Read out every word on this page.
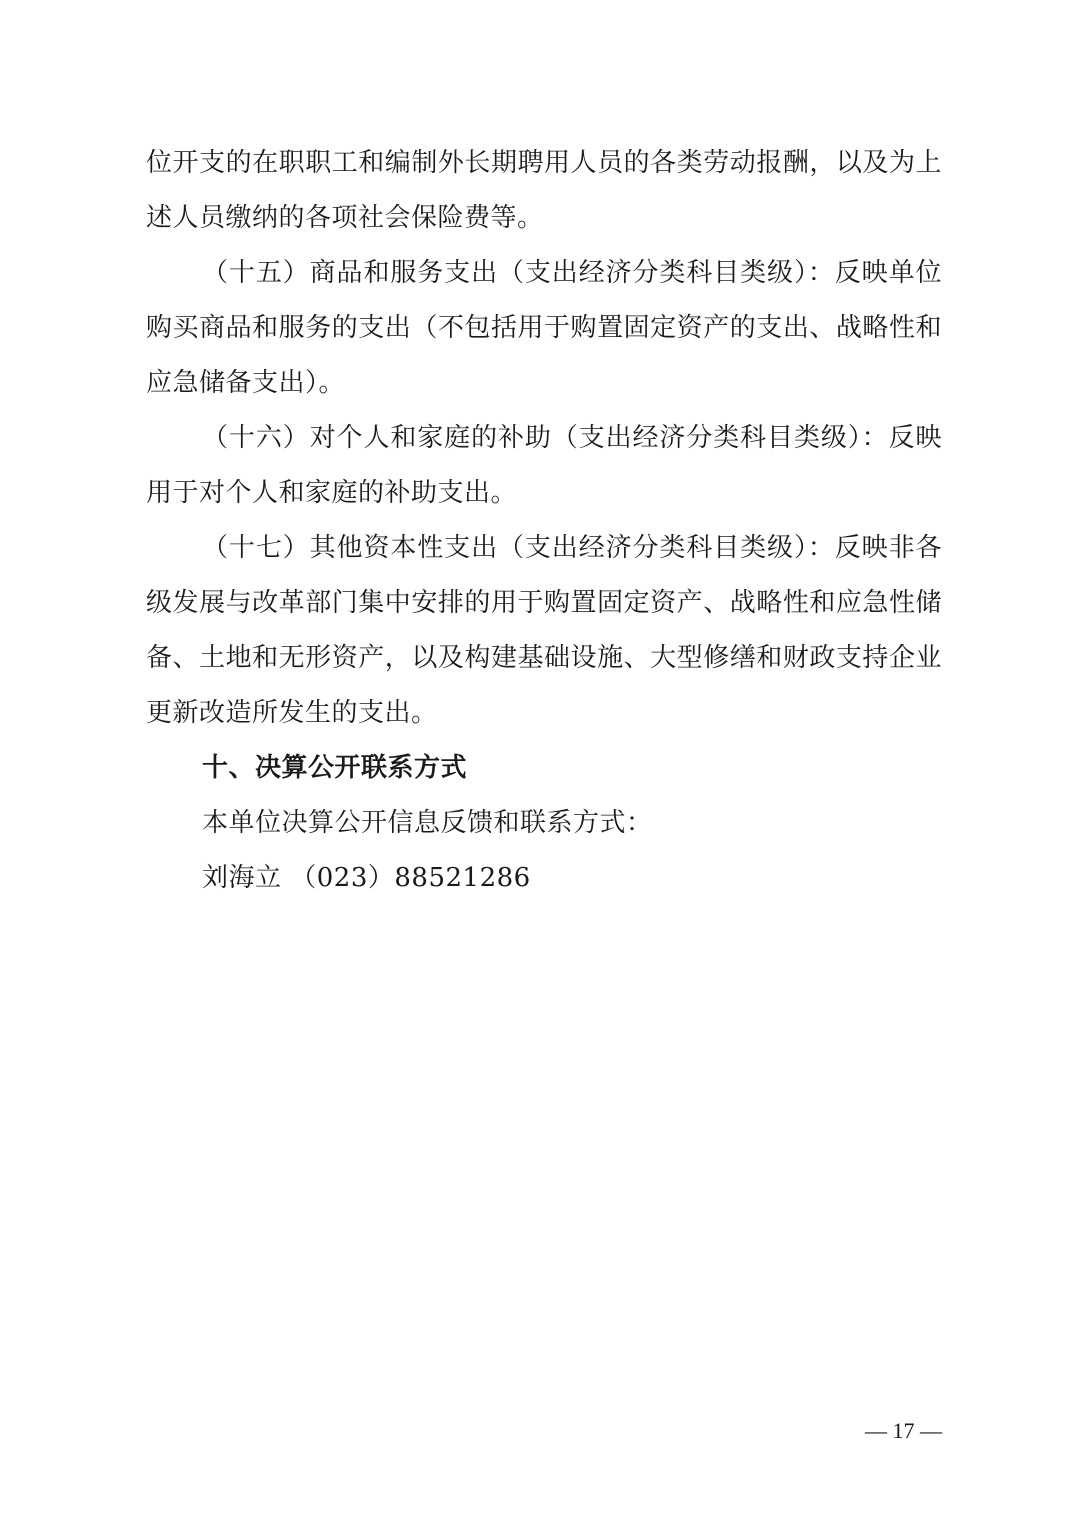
位开支的在职职工和编制外长期聘用人员的各类劳动报酬，以及为上述人员缴纳的各项社会保险费等。

（十五）商品和服务支出（支出经济分类科目类级）：反映单位购买商品和服务的支出（不包括用于购置固定资产的支出、战略性和应急储备支出）。

（十六）对个人和家庭的补助（支出经济分类科目类级）：反映用于对个人和家庭的补助支出。

（十七）其他资本性支出（支出经济分类科目类级）：反映非各级发展与改革部门集中安排的用于购置固定资产、战略性和应急性储备、土地和无形资产，以及构建基础设施、大型修缮和财政支持企业更新改造所发生的支出。

十、决算公开联系方式

本单位决算公开信息反馈和联系方式：

刘海立 （023）88521286

— 17 —
